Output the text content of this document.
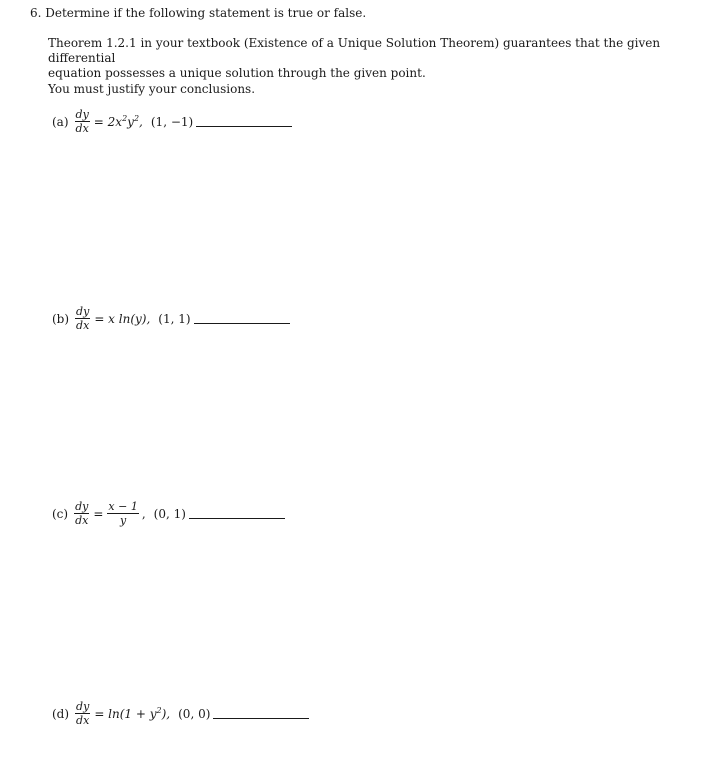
6. Determine if the following statement is true or false.
Theorem 1.2.1 in your textbook (Existence of a Unique Solution Theorem) guarantees that the given differential
equation possesses a unique solution through the given point.
You must justify your conclusions.
$(a) \frac{dy}{dx} = 2x^2y^2$, (1, −1)
$(b) \frac{dy}{dx} = x$ ln(y), (1, 1)
$(c) \frac{dy}{dx} = \frac{x - 1}{y}$ , (0, 1)
$(d) \frac{dy}{dx} = \ln(1 + y^2)$, (0, 0)
